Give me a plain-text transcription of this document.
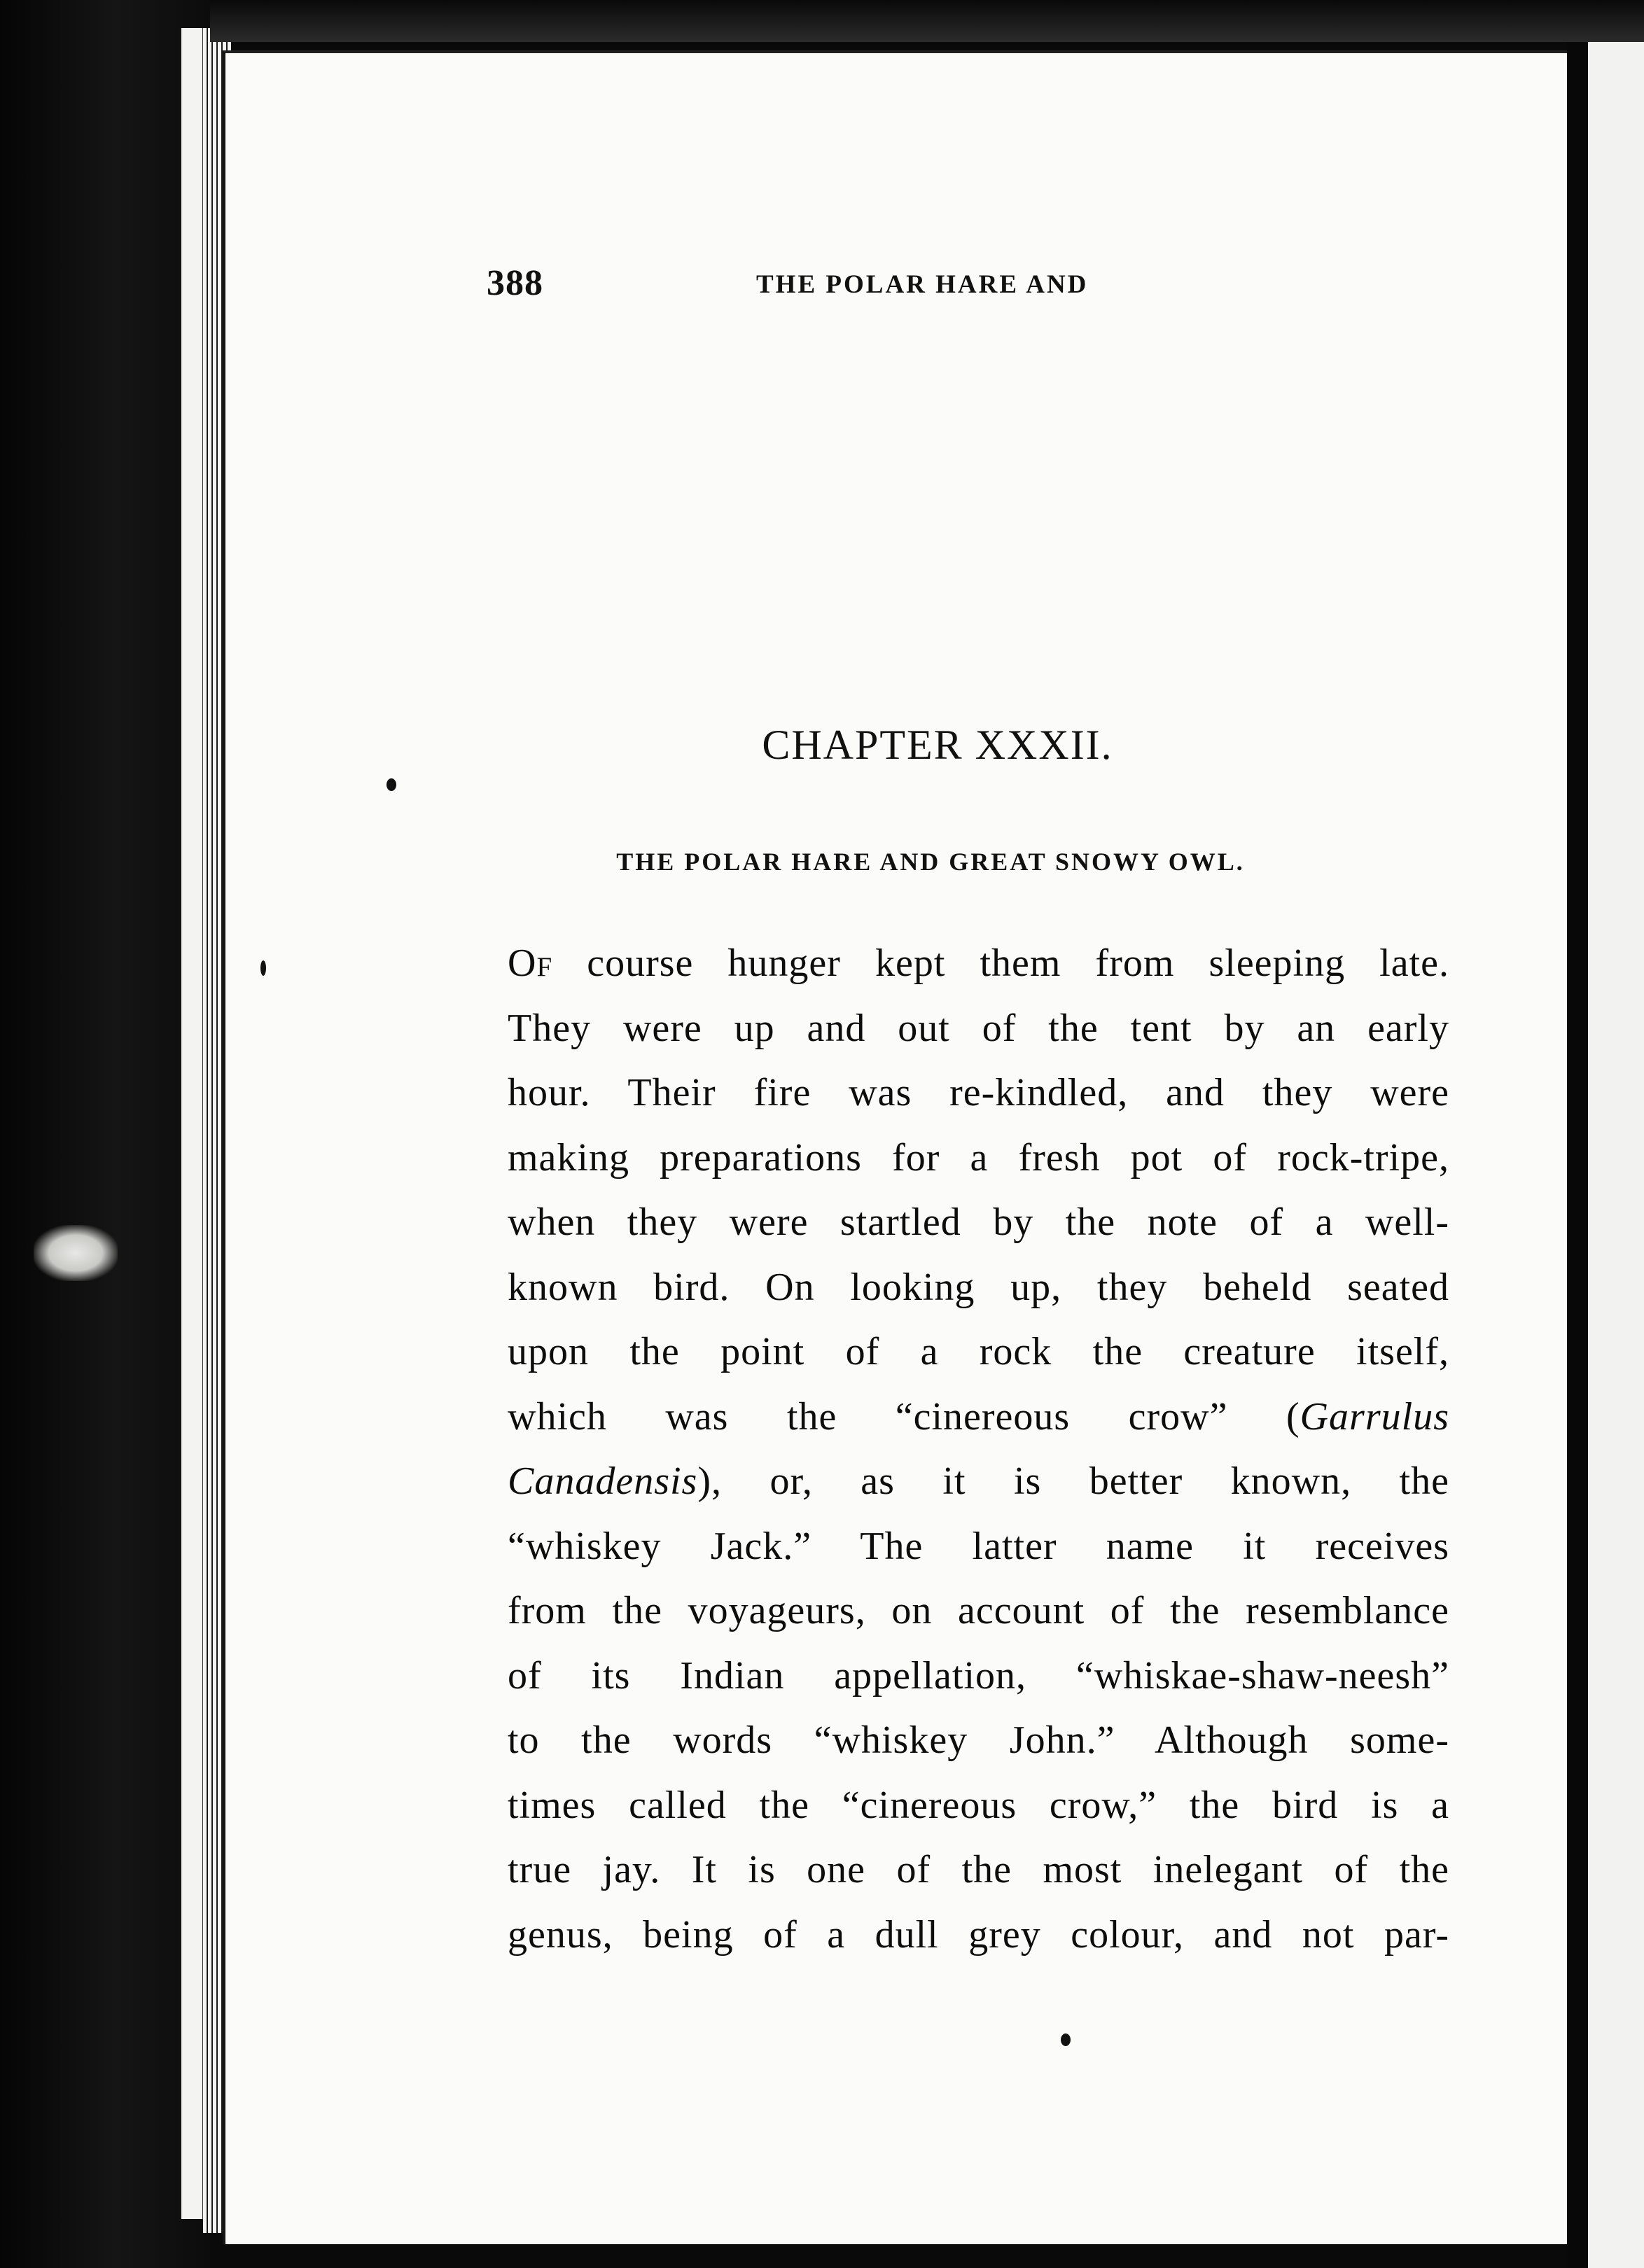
388	THE POLAR HARE AND
CHAPTER XXXII.
THE POLAR HARE AND GREAT SNOWY OWL.
Of course hunger kept them from sleeping late.
They were up and out of the tent by an early
hour. Their fire was re-kindled, and they were
making preparations for a fresh pot of rock-tripe,
when they were startled by the note of a well-
known bird. On looking up, they beheld seated
upon the point of a rock the creature itself,
which was the “cinereous crow” (Garrulus
Canadensis), or, as it is better known, the
“whiskey Jack.” The latter name it receives
from the voyageurs, on account of the resemblance
of its Indian appellation, “whiskae-shaw-neesh”
to the words “whiskey John.” Although some-
times called the “cinereous crow,” the bird is a
true jay. It is one of the most inelegant of the
genus, being of a dull grey colour, and not par-
